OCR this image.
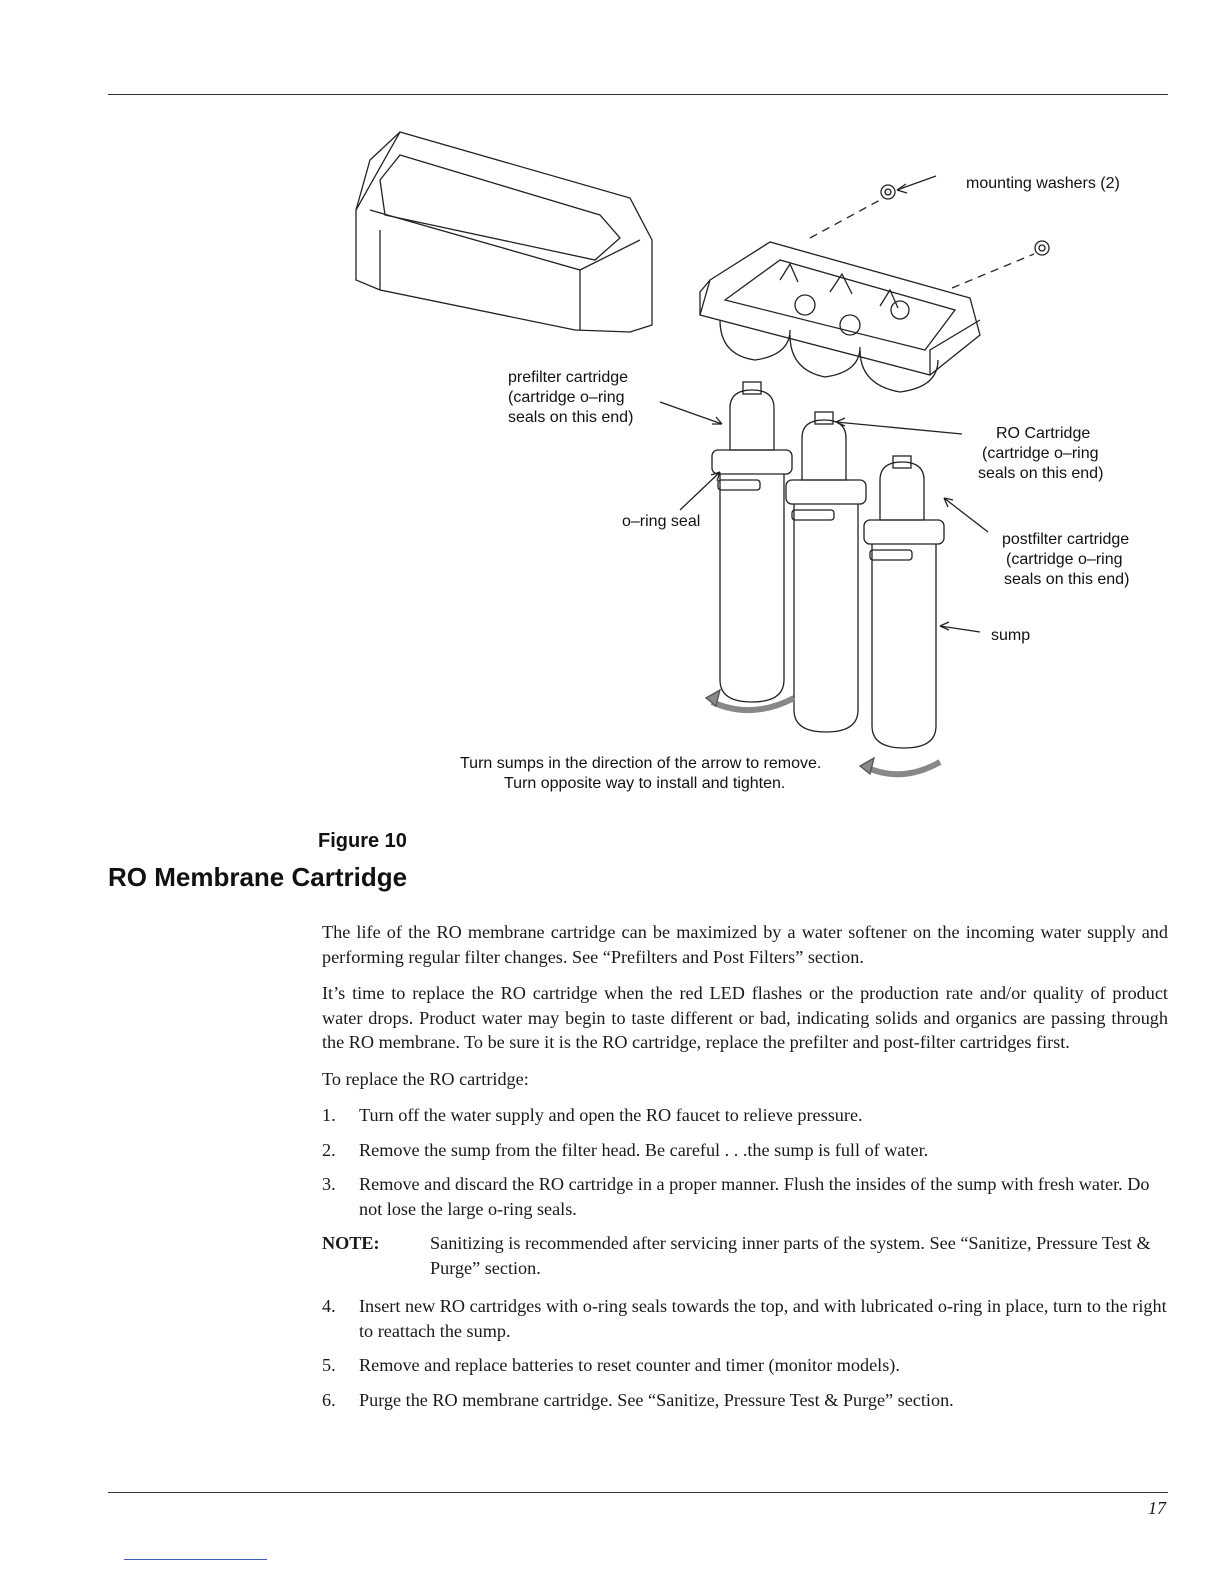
mounting washers (2)
prefilter cartridge
(cartridge o–ring
seals on this end)
o–ring seal
RO Cartridge
(cartridge o–ring
seals on this end)
postfilter cartridge
(cartridge o–ring
seals on this end)
sump
Turn sumps in the direction of the arrow to remove.
Turn opposite way to install and tighten.
Figure 10
RO Membrane Cartridge

The life of the RO membrane cartridge can be maximized by a water softener on the incoming water supply and performing regular filter changes. See “Prefilters and Post Filters” section.

It’s time to replace the RO cartridge when the red LED flashes or the production rate and/or quality of product water drops. Product water may begin to taste different or bad, indicating solids and organics are passing through the RO membrane. To be sure it is the RO cartridge, replace the prefilter and post-filter cartridges first.

To replace the RO cartridge:

1. Turn off the water supply and open the RO faucet to relieve pressure.
2. Remove the sump from the filter head. Be careful . . .the sump is full of water.
3. Remove and discard the RO cartridge in a proper manner. Flush the insides of the sump with fresh water. Do not lose the large o-ring seals.
NOTE:	Sanitizing is recommended after servicing inner parts of the system. See “Sanitize, Pressure Test & Purge” section.
4. Insert new RO cartridges with o-ring seals towards the top, and with lubricated o-ring in place, turn to the right to reattach the sump.
5. Remove and replace batteries to reset counter and timer (monitor models).
6. Purge the RO membrane cartridge. See “Sanitize, Pressure Test & Purge” section.
17
